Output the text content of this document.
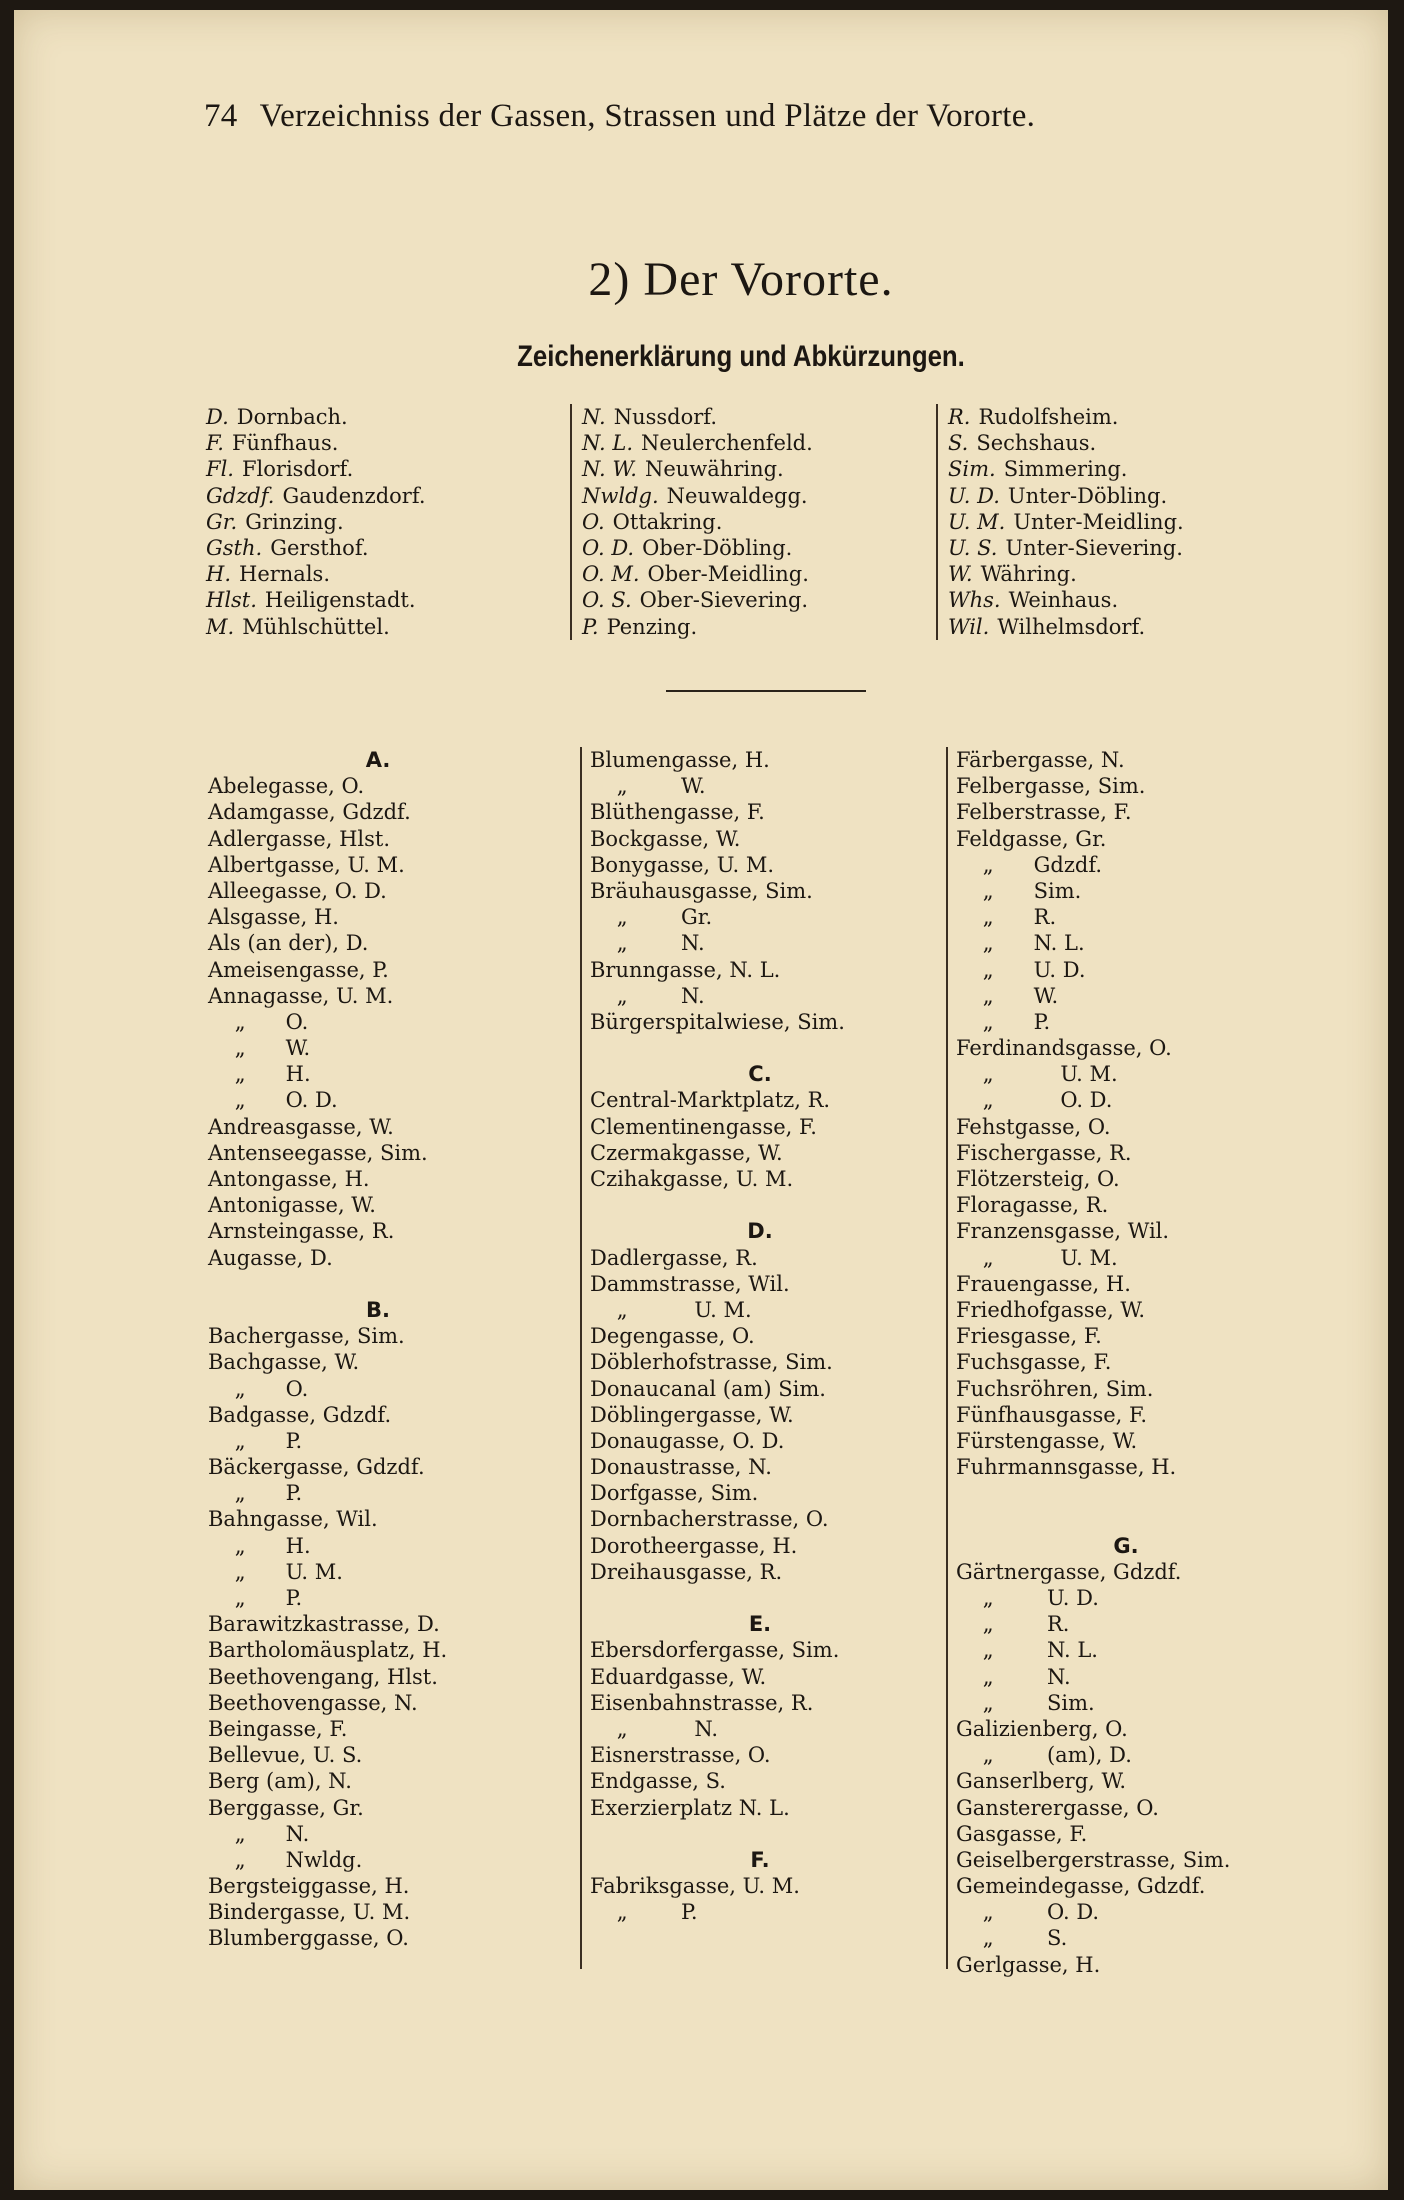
74 Verzeichniss der Gassen, Strassen und Plätze der Vororte.
2) Der Vororte.
Zeichenerklärung und Abkürzungen.
D. Dornbach.
F. Fünfhaus.
Fl. Florisdorf.
Gdzdf. Gaudenzdorf.
Gr. Grinzing.
Gsth. Gersthof.
H. Hernals.
Hlst. Heiligenstadt.
M. Mühlschüttel.
N. Nussdorf.
N. L. Neulerchenfeld.
N. W. Neuwähring.
Nwldg. Neuwaldegg.
O. Ottakring.
O. D. Ober-Döbling.
O. M. Ober-Meidling.
O. S. Ober-Sievering.
P. Penzing.
R. Rudolfsheim.
S. Sechshaus.
Sim. Simmering.
U. D. Unter-Döbling.
U. M. Unter-Meidling.
U. S. Unter-Sievering.
W. Währing.
Whs. Weinhaus.
Wil. Wilhelmsdorf.
A.
Abelegasse, O.
Adamgasse, Gdzdf.
Adlergasse, Hlst.
Albertgasse, U. M.
Alleegasse, O. D.
Alsgasse, H.
Als (an der), D.
Ameisengasse, P.
Annagasse, U. M.
„      O.
„      W.
„      H.
„      O. D.
Andreasgasse, W.
Antenseegasse, Sim.
Antongasse, H.
Antonigasse, W.
Arnsteingasse, R.
Augasse, D.
B.
Bachergasse, Sim.
Bachgasse, W.
„      O.
Badgasse, Gdzdf.
„      P.
Bäckergasse, Gdzdf.
„      P.
Bahngasse, Wil.
„      H.
„      U. M.
„      P.
Barawitzkastrasse, D.
Bartholomäusplatz, H.
Beethovengang, Hlst.
Beethovengasse, N.
Beingasse, F.
Bellevue, U. S.
Berg (am), N.
Berggasse, Gr.
„      N.
„      Nwldg.
Bergsteiggasse, H.
Bindergasse, U. M.
Blumberggasse, O.
Blumengasse, H.
„        W.
Blüthengasse, F.
Bockgasse, W.
Bonygasse, U. M.
Bräuhausgasse, Sim.
„        Gr.
„        N.
Brunngasse, N. L.
„        N.
Bürgerspitalwiese, Sim.
C.
Central-Marktplatz, R.
Clementinengasse, F.
Czermakgasse, W.
Czihakgasse, U. M.
D.
Dadlergasse, R.
Dammstrasse, Wil.
„          U. M.
Degengasse, O.
Döblerhofstrasse, Sim.
Donaucanal (am) Sim.
Döblingergasse, W.
Donaugasse, O. D.
Donaustrasse, N.
Dorfgasse, Sim.
Dornbacherstrasse, O.
Dorotheergasse, H.
Dreihausgasse, R.
E.
Ebersdorfergasse, Sim.
Eduardgasse, W.
Eisenbahnstrasse, R.
„          N.
Eisnerstrasse, O.
Endgasse, S.
Exerzierplatz N. L.
F.
Fabriksgasse, U. M.
„        P.
Färbergasse, N.
Felbergasse, Sim.
Felberstrasse, F.
Feldgasse, Gr.
„      Gdzdf.
„      Sim.
„      R.
„      N. L.
„      U. D.
„      W.
„      P.
Ferdinandsgasse, O.
„          U. M.
„          O. D.
Fehstgasse, O.
Fischergasse, R.
Flötzersteig, O.
Floragasse, R.
Franzensgasse, Wil.
„          U. M.
Frauengasse, H.
Friedhofgasse, W.
Friesgasse, F.
Fuchsgasse, F.
Fuchsröhren, Sim.
Fünfhausgasse, F.
Fürstengasse, W.
Fuhrmannsgasse, H.
G.
Gärtnergasse, Gdzdf.
„        U. D.
„        R.
„        N. L.
„        N.
„        Sim.
Galizienberg, O.
„        (am), D.
Ganserlberg, W.
Gansterergasse, O.
Gasgasse, F.
Geiselbergerstrasse, Sim.
Gemeindegasse, Gdzdf.
„        O. D.
„        S.
Gerlgasse, H.
